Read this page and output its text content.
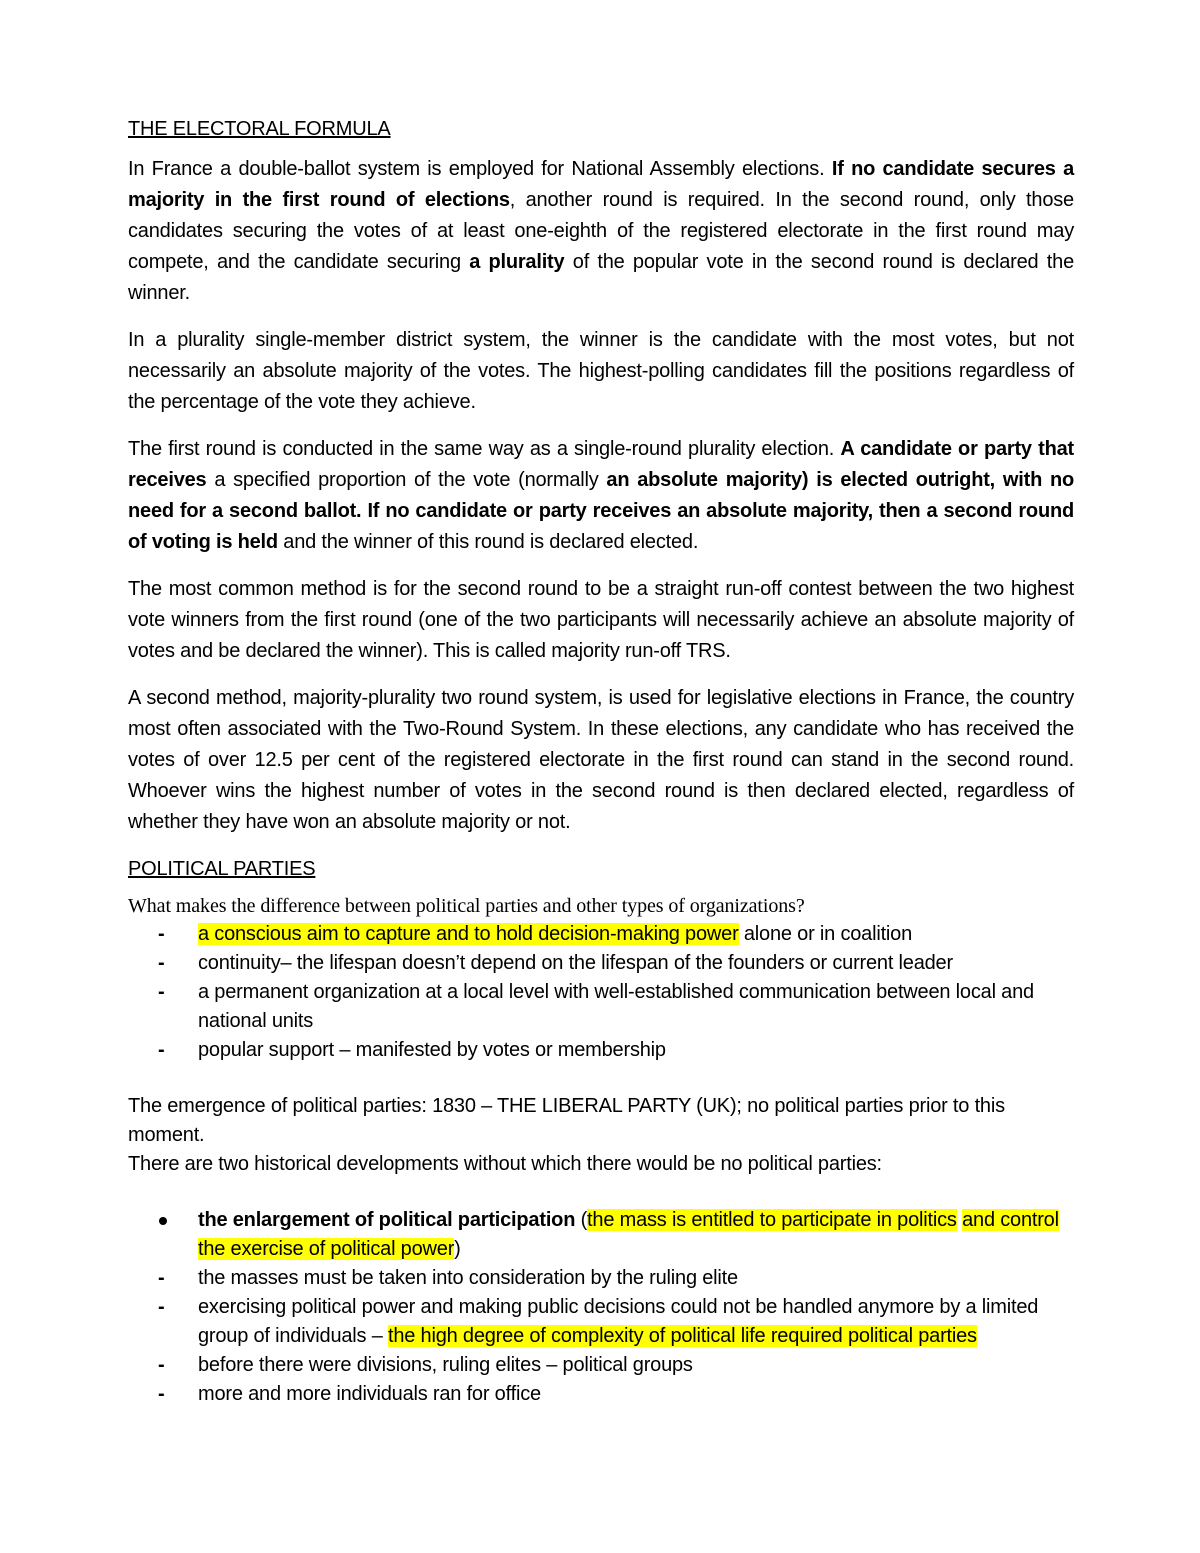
THE ELECTORAL FORMULA

In France a double-ballot system is employed for National Assembly elections. If no candidate secures a majority in the first round of elections, another round is required. In the second round, only those candidates securing the votes of at least one-eighth of the registered electorate in the first round may compete, and the candidate securing a plurality of the popular vote in the second round is declared the winner.

In a plurality single-member district system, the winner is the candidate with the most votes, but not necessarily an absolute majority of the votes. The highest-polling candidates fill the positions regardless of the percentage of the vote they achieve.

The first round is conducted in the same way as a single-round plurality election. A candidate or party that receives a specified proportion of the vote (normally an absolute majority) is elected outright, with no need for a second ballot. If no candidate or party receives an absolute majority, then a second round of voting is held and the winner of this round is declared elected.

The most common method is for the second round to be a straight run-off contest between the two highest vote winners from the first round (one of the two participants will necessarily achieve an absolute majority of votes and be declared the winner). This is called majority run-off TRS.

A second method, majority-plurality two round system, is used for legislative elections in France, the country most often associated with the Two-Round System. In these elections, any candidate who has received the votes of over 12.5 per cent of the registered electorate in the first round can stand in the second round. Whoever wins the highest number of votes in the second round is then declared elected, regardless of whether they have won an absolute majority or not.

POLITICAL PARTIES

What makes the difference between political parties and other types of organizations?

- a conscious aim to capture and to hold decision-making power alone or in coalition
- continuity– the lifespan doesn’t depend on the lifespan of the founders or current leader
- a permanent organization at a local level with well-established communication between local and national units
- popular support – manifested by votes or membership

The emergence of political parties: 1830 – THE LIBERAL PARTY (UK); no political parties prior to this moment.

There are two historical developments without which there would be no political parties:

the enlargement of political participation (the mass is entitled to participate in politics and control the exercise of political power)
- the masses must be taken into consideration by the ruling elite
- exercising political power and making public decisions could not be handled anymore by a limited group of individuals – the high degree of complexity of political life required political parties
- before there were divisions, ruling elites – political groups
- more and more individuals ran for office
